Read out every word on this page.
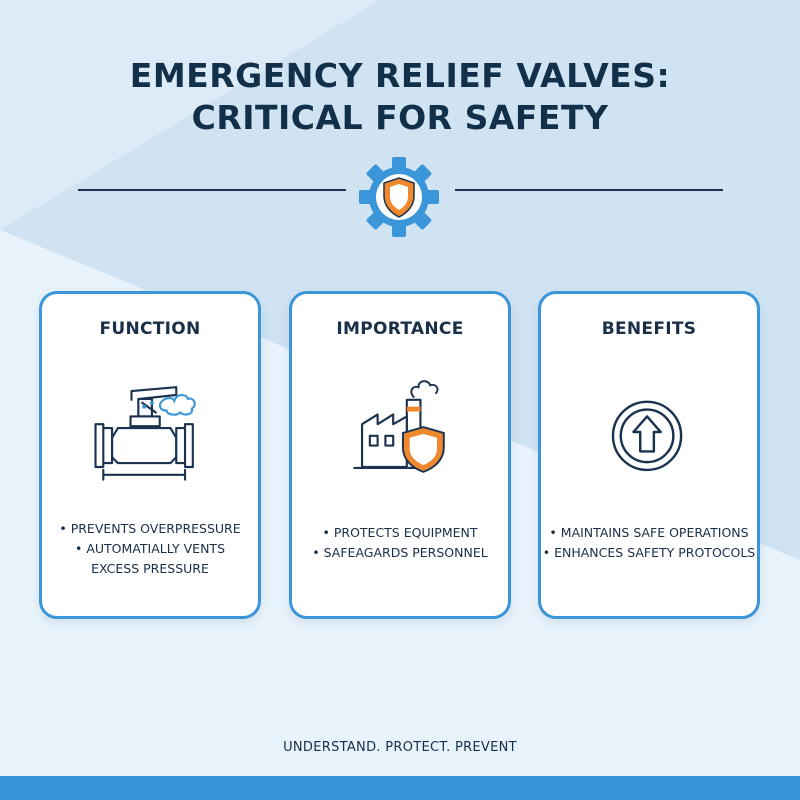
EMERGENCY RELIEF VALVES:
CRITICAL FOR SAFETY
FUNCTION
• PREVENTS OVERPRESSURE
• AUTOMATIALLY VENTS
EXCESS PRESSURE
IMPORTANCE
• PROTECTS EQUIPMENT
• SAFEAGARDS PERSONNEL
BENEFITS
• MAINTAINS SAFE OPERATIONS
• ENHANCES SAFETY PROTOCOLS
UNDERSTAND. PROTECT. PREVENT
